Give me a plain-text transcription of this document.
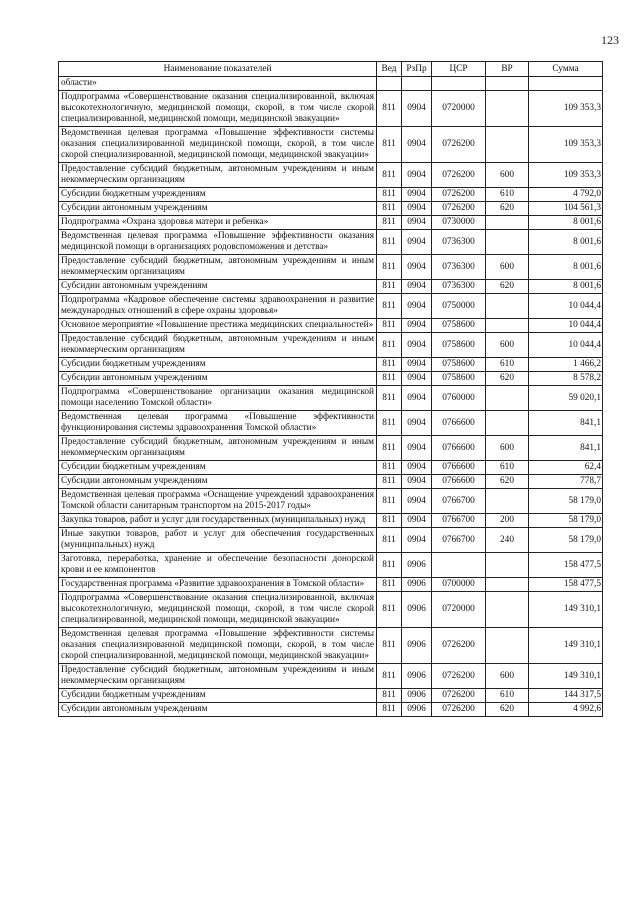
123
Наименование показателей	Вед	РзПр	ЦСР	ВР	Сумма
области»					
Подпрограмма «Совершенствование оказания специализированной, включая высокотехнологичную, медицинской помощи, скорой, в том числе скорой специализированной, медицинской помощи, медицинской эвакуации»	811	0904	0720000		109 353,3
Ведомственная целевая программа «Повышение эффективности системы оказания специализированной медицинской помощи, скорой, в том числе скорой специализированной, медицинской помощи, медицинской эвакуации»	811	0904	0726200		109 353,3
Предоставление субсидий бюджетным, автономным учреждениям и иным некоммерческим организациям	811	0904	0726200	600	109 353,3
Субсидии бюджетным учреждениям	811	0904	0726200	610	4 792,0
Субсидии автономным учреждениям	811	0904	0726200	620	104 561,3
Подпрограмма «Охрана здоровья матери и ребенка»	811	0904	0730000		8 001,6
Ведомственная целевая программа «Повышение эффективности оказания медицинской помощи в организациях родовспоможения и детства»	811	0904	0736300		8 001,6
Предоставление субсидий бюджетным, автономным учреждениям и иным некоммерческим организациям	811	0904	0736300	600	8 001,6
Субсидии автономным учреждениям	811	0904	0736300	620	8 001,6
Подпрограмма «Кадровое обеспечение системы здравоохранения и развитие международных отношений в сфере охраны здоровья»	811	0904	0750000		10 044,4
Основное мероприятие «Повышение престижа медицинских специальностей»	811	0904	0758600		10 044,4
Предоставление субсидий бюджетным, автономным учреждениям и иным некоммерческим организациям	811	0904	0758600	600	10 044,4
Субсидии бюджетным учреждениям	811	0904	0758600	610	1 466,2
Субсидии автономным учреждениям	811	0904	0758600	620	8 578,2
Подпрограмма «Совершенствование организации оказания медицинской помощи населению Томской области»	811	0904	0760000		59 020,1
Ведомственная целевая программа «Повышение эффективности функционирования системы здравоохранения Томской области»	811	0904	0766600		841,1
Предоставление субсидий бюджетным, автономным учреждениям и иным некоммерческим организациям	811	0904	0766600	600	841,1
Субсидии бюджетным учреждениям	811	0904	0766600	610	62,4
Субсидии автономным учреждениям	811	0904	0766600	620	778,7
Ведомственная целевая программа «Оснащение учреждений здравоохранения Томской области санитарным транспортом на 2015-2017 годы»	811	0904	0766700		58 179,0
Закупка товаров, работ и услуг для государственных (муниципальных) нужд	811	0904	0766700	200	58 179,0
Иные закупки товаров, работ и услуг для обеспечения государственных (муниципальных) нужд	811	0904	0766700	240	58 179,0
Заготовка, переработка, хранение и обеспечение безопасности донорской крови и ее компонентов	811	0906			158 477,5
Государственная программа «Развитие здравоохранения в Томской области»	811	0906	0700000		158 477,5
Подпрограмма «Совершенствование оказания специализированной, включая высокотехнологичную, медицинской помощи, скорой, в том числе скорой специализированной, медицинской помощи, медицинской эвакуации»	811	0906	0720000		149 310,1
Ведомственная целевая программа «Повышение эффективности системы оказания специализированной медицинской помощи, скорой, в том числе скорой специализированной, медицинской помощи, медицинской эвакуации»	811	0906	0726200		149 310,1
Предоставление субсидий бюджетным, автономным учреждениям и иным некоммерческим организациям	811	0906	0726200	600	149 310,1
Субсидии бюджетным учреждениям	811	0906	0726200	610	144 317,5
Субсидии автономным учреждениям	811	0906	0726200	620	4 992,6
